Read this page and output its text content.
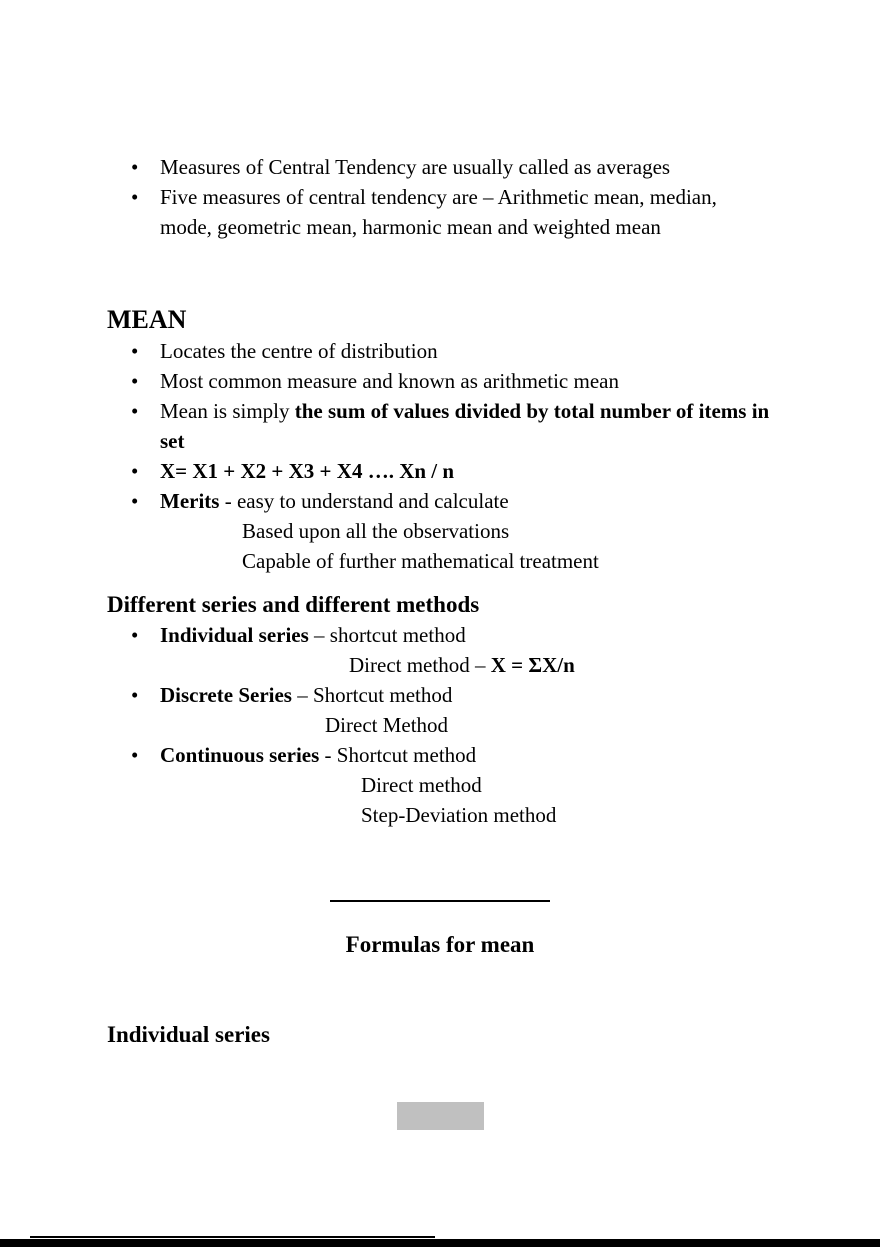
• Measures of Central Tendency are usually called as averages
• Five measures of central tendency are – Arithmetic mean, median, mode, geometric mean, harmonic mean and weighted mean
MEAN
• Locates the centre of distribution
• Most common measure and known as arithmetic mean
• Mean is simply the sum of values divided by total number of items in set
• X= X1 + X2 + X3 + X4 …. Xn / n
• Merits - easy to understand and calculate
Based upon all the observations
Capable of further mathematical treatment
Different series and different methods
• Individual series – shortcut method
Direct method – X = ΣX/n
• Discrete Series – Shortcut method
Direct Method
• Continuous series - Shortcut method
Direct method
Step-Deviation method
Formulas for mean
Individual series
